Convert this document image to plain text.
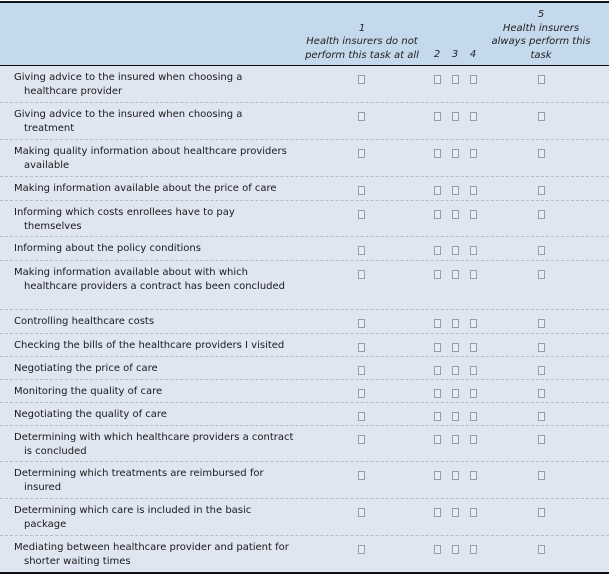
1
Health insurers do not
perform this task at all	2 3 4
5
Health insurers
always perform this
task
Giving advice to the insured when choosing a healthcare provider
Giving advice to the insured when choosing a treatment
Making quality information about healthcare providers available
Making information available about the price of care
Informing which costs enrollees have to pay themselves
Informing about the policy conditions
Making information available about with which healthcare providers a contract has been concluded
Controlling healthcare costs
Checking the bills of the healthcare providers I visited
Negotiating the price of care
Monitoring the quality of care
Negotiating the quality of care
Determining with which healthcare providers a contract is concluded
Determining which treatments are reimbursed for insured
Determining which care is included in the basic package
Mediating between healthcare provider and patient for shorter waiting times
